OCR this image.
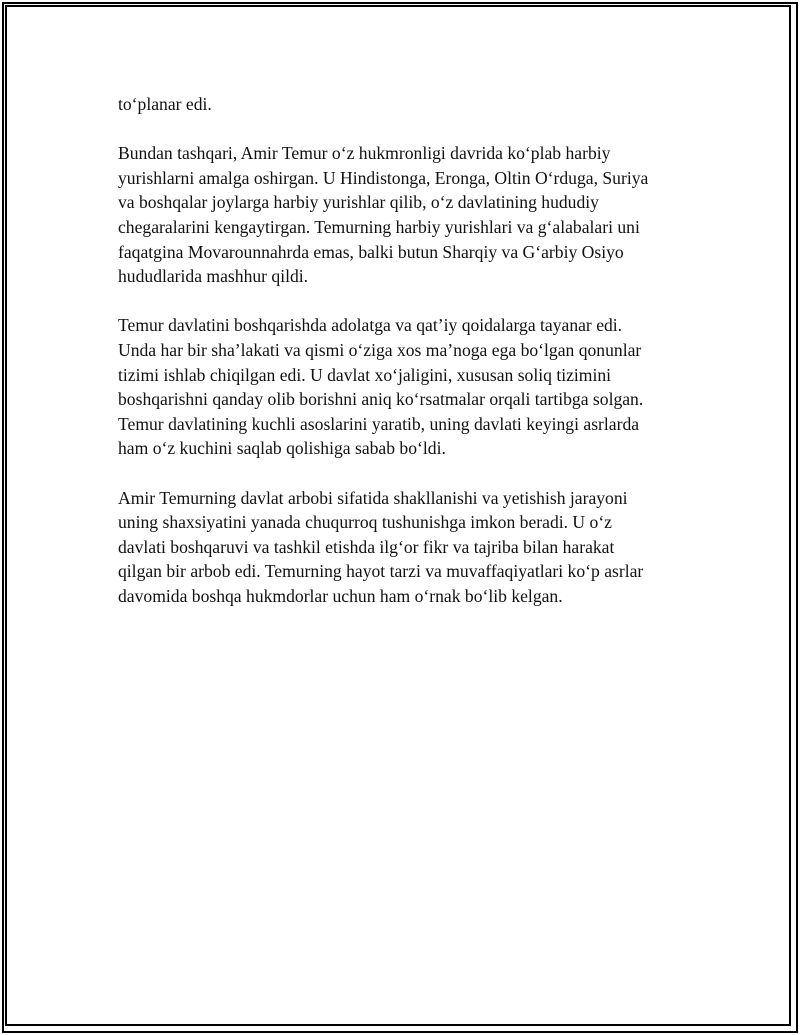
to‘planar edi.

Bundan tashqari, Amir Temur o‘z hukmronligi davrida ko‘plab harbiy
yurishlarni amalga oshirgan. U Hindistonga, Eronga, Oltin O‘rduga, Suriya
va boshqalar joylarga harbiy yurishlar qilib, o‘z davlatining hududiy
chegaralarini kengaytirgan. Temurning harbiy yurishlari va g‘alabalari uni
faqatgina Movarounnahrda emas, balki butun Sharqiy va G‘arbiy Osiyo
hududlarida mashhur qildi.

Temur davlatini boshqarishda adolatga va qat’iy qoidalarga tayanar edi.
Unda har bir sha’lakati va qismi o‘ziga xos ma’noga ega bo‘lgan qonunlar
tizimi ishlab chiqilgan edi. U davlat xo‘jaligini, xususan soliq tizimini
boshqarishni qanday olib borishni aniq ko‘rsatmalar orqali tartibga solgan.
Temur davlatining kuchli asoslarini yaratib, uning davlati keyingi asrlarda
ham o‘z kuchini saqlab qolishiga sabab bo‘ldi.

Amir Temurning davlat arbobi sifatida shakllanishi va yetishish jarayoni
uning shaxsiyatini yanada chuqurroq tushunishga imkon beradi. U o‘z
davlati boshqaruvi va tashkil etishda ilg‘or fikr va tajriba bilan harakat
qilgan bir arbob edi. Temurning hayot tarzi va muvaffaqiyatlari ko‘p asrlar
davomida boshqa hukmdorlar uchun ham o‘rnak bo‘lib kelgan.
